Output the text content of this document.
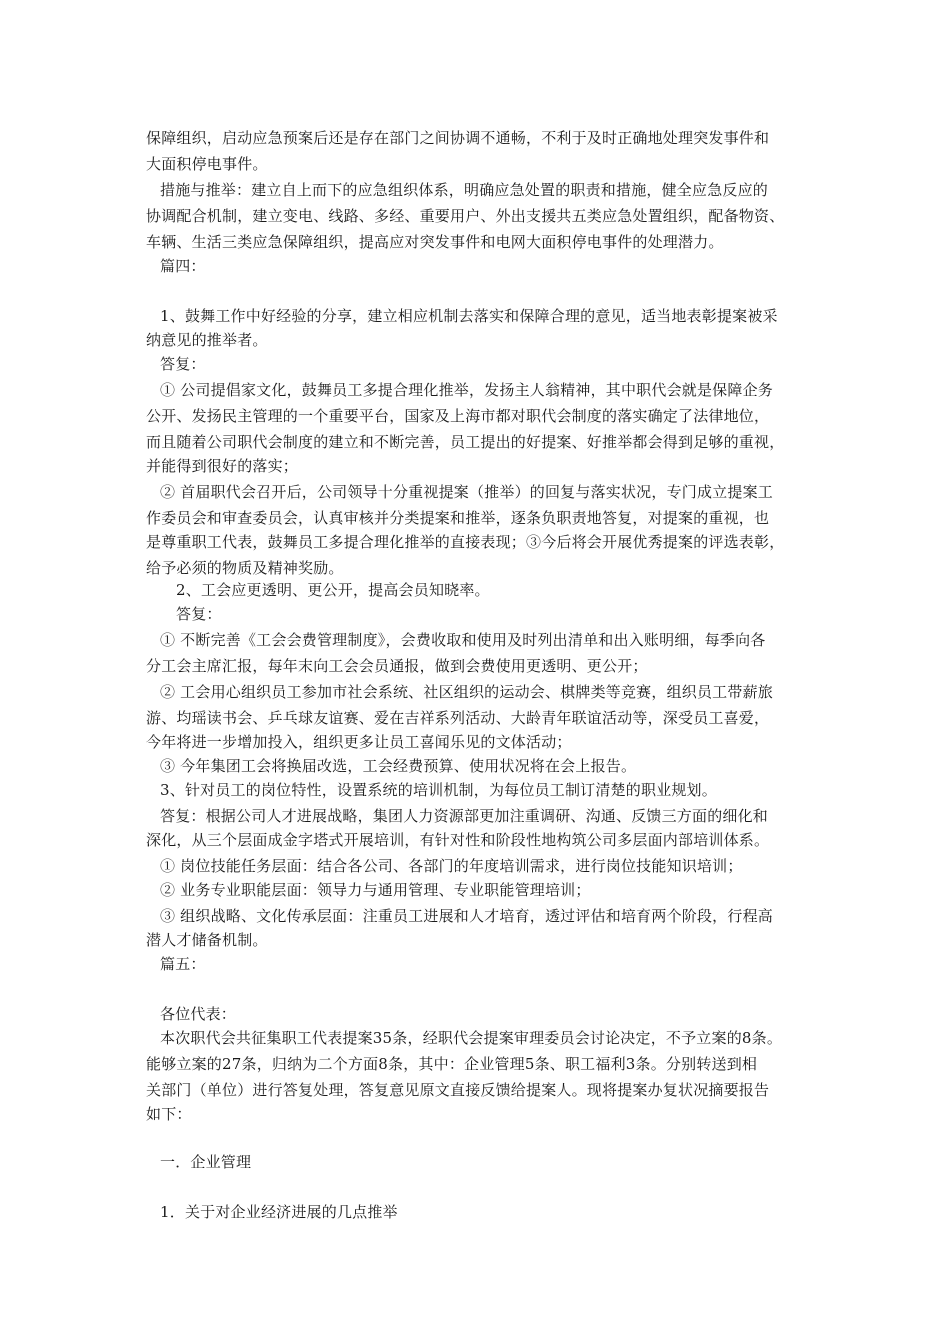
保障组织，启动应急预案后还是存在部门之间协调不通畅，不利于及时正确地处理突发事件和
大面积停电事件。
措施与推举：建立自上而下的应急组织体系，明确应急处置的职责和措施，健全应急反应的
协调配合机制，建立变电、线路、多经、重要用户、外出支援共五类应急处置组织，配备物资、
车辆、生活三类应急保障组织，提高应对突发事件和电网大面积停电事件的处理潜力。
篇四：
1、鼓舞工作中好经验的分享，建立相应机制去落实和保障合理的意见，适当地表彰提案被采
纳意见的推举者。
答复：
① 公司提倡家文化，鼓舞员工多提合理化推举，发扬主人翁精神，其中职代会就是保障企务
公开、发扬民主管理的一个重要平台，国家及上海市都对职代会制度的落实确定了法律地位，
而且随着公司职代会制度的建立和不断完善，员工提出的好提案、好推举都会得到足够的重视，
并能得到很好的落实；
② 首届职代会召开后，公司领导十分重视提案（推举）的回复与落实状况，专门成立提案工
作委员会和审查委员会，认真审核并分类提案和推举，逐条负职责地答复，对提案的重视，也
是尊重职工代表，鼓舞员工多提合理化推举的直接表现；③今后将会开展优秀提案的评选表彰，
给予必须的物质及精神奖励。
2、工会应更透明、更公开，提高会员知晓率。
答复：
① 不断完善《工会会费管理制度》，会费收取和使用及时列出清单和出入账明细，每季向各
分工会主席汇报，每年末向工会会员通报，做到会费使用更透明、更公开；
② 工会用心组织员工参加市社会系统、社区组织的运动会、棋牌类等竞赛，组织员工带薪旅
游、均瑶读书会、乒乓球友谊赛、爱在吉祥系列活动、大龄青年联谊活动等，深受员工喜爱，
今年将进一步增加投入，组织更多让员工喜闻乐见的文体活动；
③ 今年集团工会将换届改选，工会经费预算、使用状况将在会上报告。
3、针对员工的岗位特性，设置系统的培训机制，为每位员工制订清楚的职业规划。
答复：根据公司人才进展战略，集团人力资源部更加注重调研、沟通、反馈三方面的细化和
深化，从三个层面成金字塔式开展培训，有针对性和阶段性地构筑公司多层面内部培训体系。
① 岗位技能任务层面：结合各公司、各部门的年度培训需求，进行岗位技能知识培训；
② 业务专业职能层面：领导力与通用管理、专业职能管理培训；
③ 组织战略、文化传承层面：注重员工进展和人才培育，透过评估和培育两个阶段，行程高
潜人才储备机制。
篇五：
各位代表：
本次职代会共征集职工代表提案35条，经职代会提案审理委员会讨论决定，不予立案的8条。
能够立案的27条，归纳为二个方面8条，其中：企业管理5条、职工福利3条。分别转送到相
关部门（单位）进行答复处理，答复意见原文直接反馈给提案人。现将提案办复状况摘要报告
如下：
一．企业管理
1．关于对企业经济进展的几点推举
